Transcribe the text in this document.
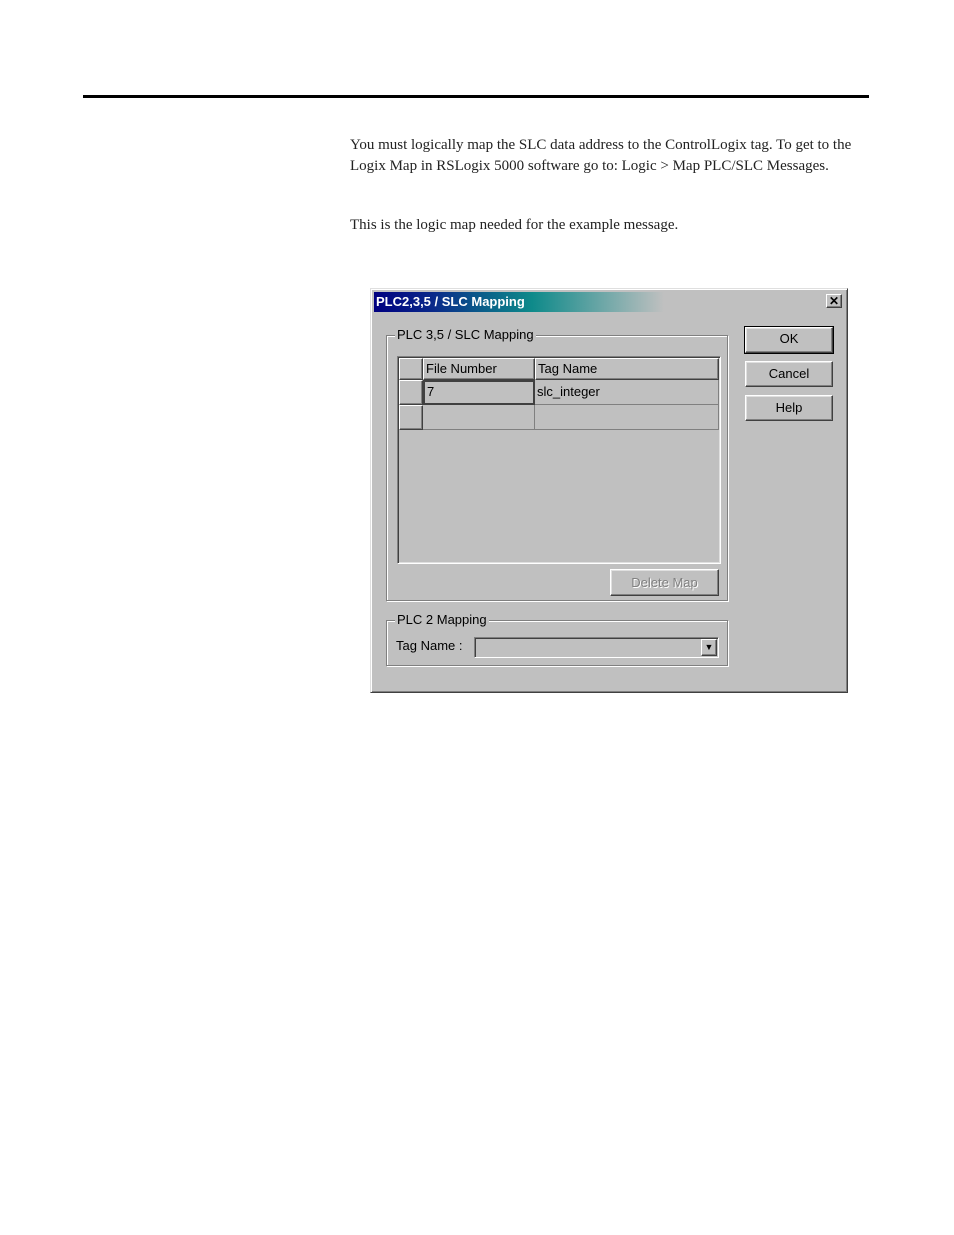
You must logically map the SLC data address to the ControlLogix tag. To get to the Logix Map in RSLogix 5000 software go to: Logic > Map PLC/SLC Messages.
This is the logic map needed for the example message.
PLC2,3,5 / SLC Mapping	✕
PLC 3,5 / SLC Mapping
File Number	Tag Name
7	slc_integer
OK
Cancel
Help
Delete Map
PLC 2 Mapping
Tag Name :	▼
